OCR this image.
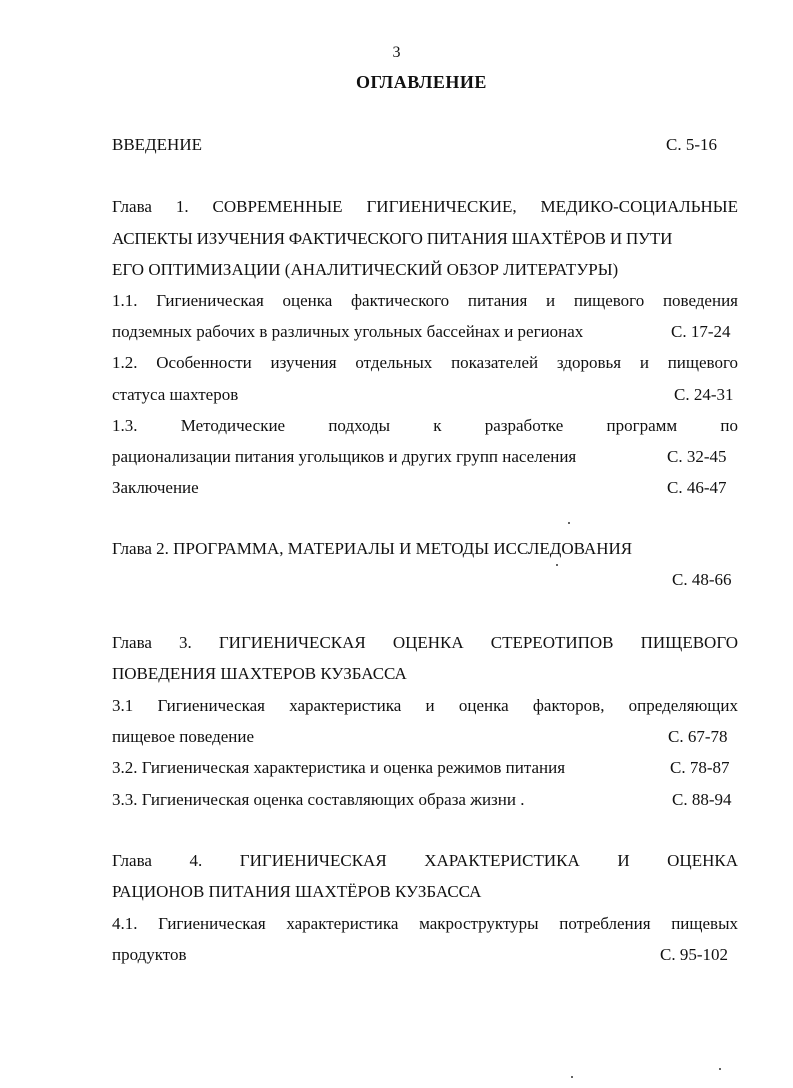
3
ОГЛАВЛЕНИЕ
ВВЕДЕНИЕ	С. 5-16
Глава 1. СОВРЕМЕННЫЕ ГИГИЕНИЧЕСКИЕ, МЕДИКО-СОЦИАЛЬНЫЕ
АСПЕКТЫ ИЗУЧЕНИЯ ФАКТИЧЕСКОГО ПИТАНИЯ ШАХТЁРОВ И ПУТИ
ЕГО ОПТИМИЗАЦИИ (АНАЛИТИЧЕСКИЙ ОБЗОР ЛИТЕРАТУРЫ)
1.1. Гигиеническая оценка фактического питания и пищевого поведения
подземных рабочих в различных угольных бассейнах и регионах	С. 17-24
1.2. Особенности изучения отдельных показателей здоровья и пищевого
статуса шахтеров	С. 24-31
1.3. Методические подходы к разработке программ по
рационализации питания угольщиков и других групп населения	С. 32-45
Заключение	С. 46-47
Глава 2. ПРОГРАММА, МАТЕРИАЛЫ И МЕТОДЫ ИССЛЕДОВАНИЯ
С. 48-66
Глава 3. ГИГИЕНИЧЕСКАЯ ОЦЕНКА СТЕРЕОТИПОВ ПИЩЕВОГО
ПОВЕДЕНИЯ ШАХТЕРОВ КУЗБАССА
3.1 Гигиеническая характеристика и оценка факторов, определяющих
пищевое поведение	С. 67-78
3.2. Гигиеническая характеристика и оценка режимов питания	С. 78-87
3.3. Гигиеническая оценка составляющих образа жизни .	С. 88-94
Глава 4. ГИГИЕНИЧЕСКАЯ ХАРАКТЕРИСТИКА И ОЦЕНКА
РАЦИОНОВ ПИТАНИЯ ШАХТЁРОВ КУЗБАССА
4.1. Гигиеническая характеристика макроструктуры потребления пищевых
продуктов	С. 95-102
